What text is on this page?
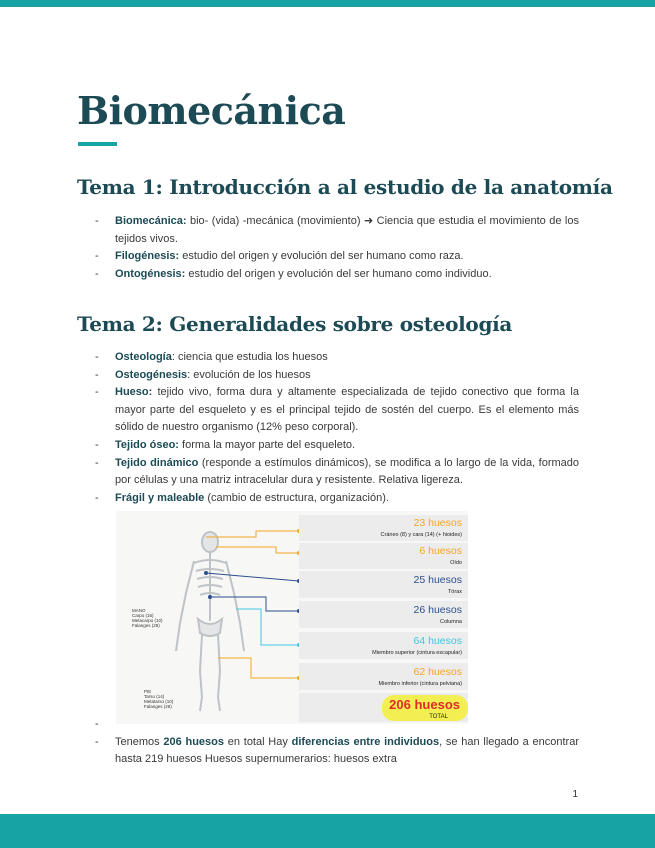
Biomecánica
Tema 1: Introducción a al estudio de la anatomía
- Biomecánica: bio- (vida) -mecánica (movimiento) ➜ Ciencia que estudia el movimiento de los tejidos vivos.
- Filogénesis: estudio del origen y evolución del ser humano como raza.
- Ontogénesis: estudio del origen y evolución del ser humano como individuo.
Tema 2: Generalidades sobre osteología
- Osteología: ciencia que estudia los huesos
- Osteogénesis: evolución de los huesos
- Hueso: tejido vivo, forma dura y altamente especializada de tejido conectivo que forma la mayor parte del esqueleto y es el principal tejido de sostén del cuerpo. Es el elemento más sólido de nuestro organismo (12% peso corporal).
- Tejido óseo: forma la mayor parte del esqueleto.
- Tejido dinámico (responde a estímulos dinámicos), se modifica a lo largo de la vida, formado por células y una matriz intracelular dura y resistente. Relativa ligereza.
- Frágil y maleable (cambio de estructura, organización).
MANO
Carpo (16)
Metacarpo (10)
Falanges (28)
PIE
Tarso (14)
Metatarso (10)
Falanges (28)
23 huesos
Cráneo (8) y cara (14) (+ hioides)
6 huesos
Oído
25 huesos
Tórax
26 huesos
Columna
64 huesos
Miembro superior (cintura escapular)
62 huesos
Miembro inferior (cintura pelviana)
206 huesos
TOTAL
-

- Tenemos 206 huesos en total Hay diferencias entre individuos, se han llegado a encontrar hasta 219 huesos Huesos supernumerarios: huesos extra
1
